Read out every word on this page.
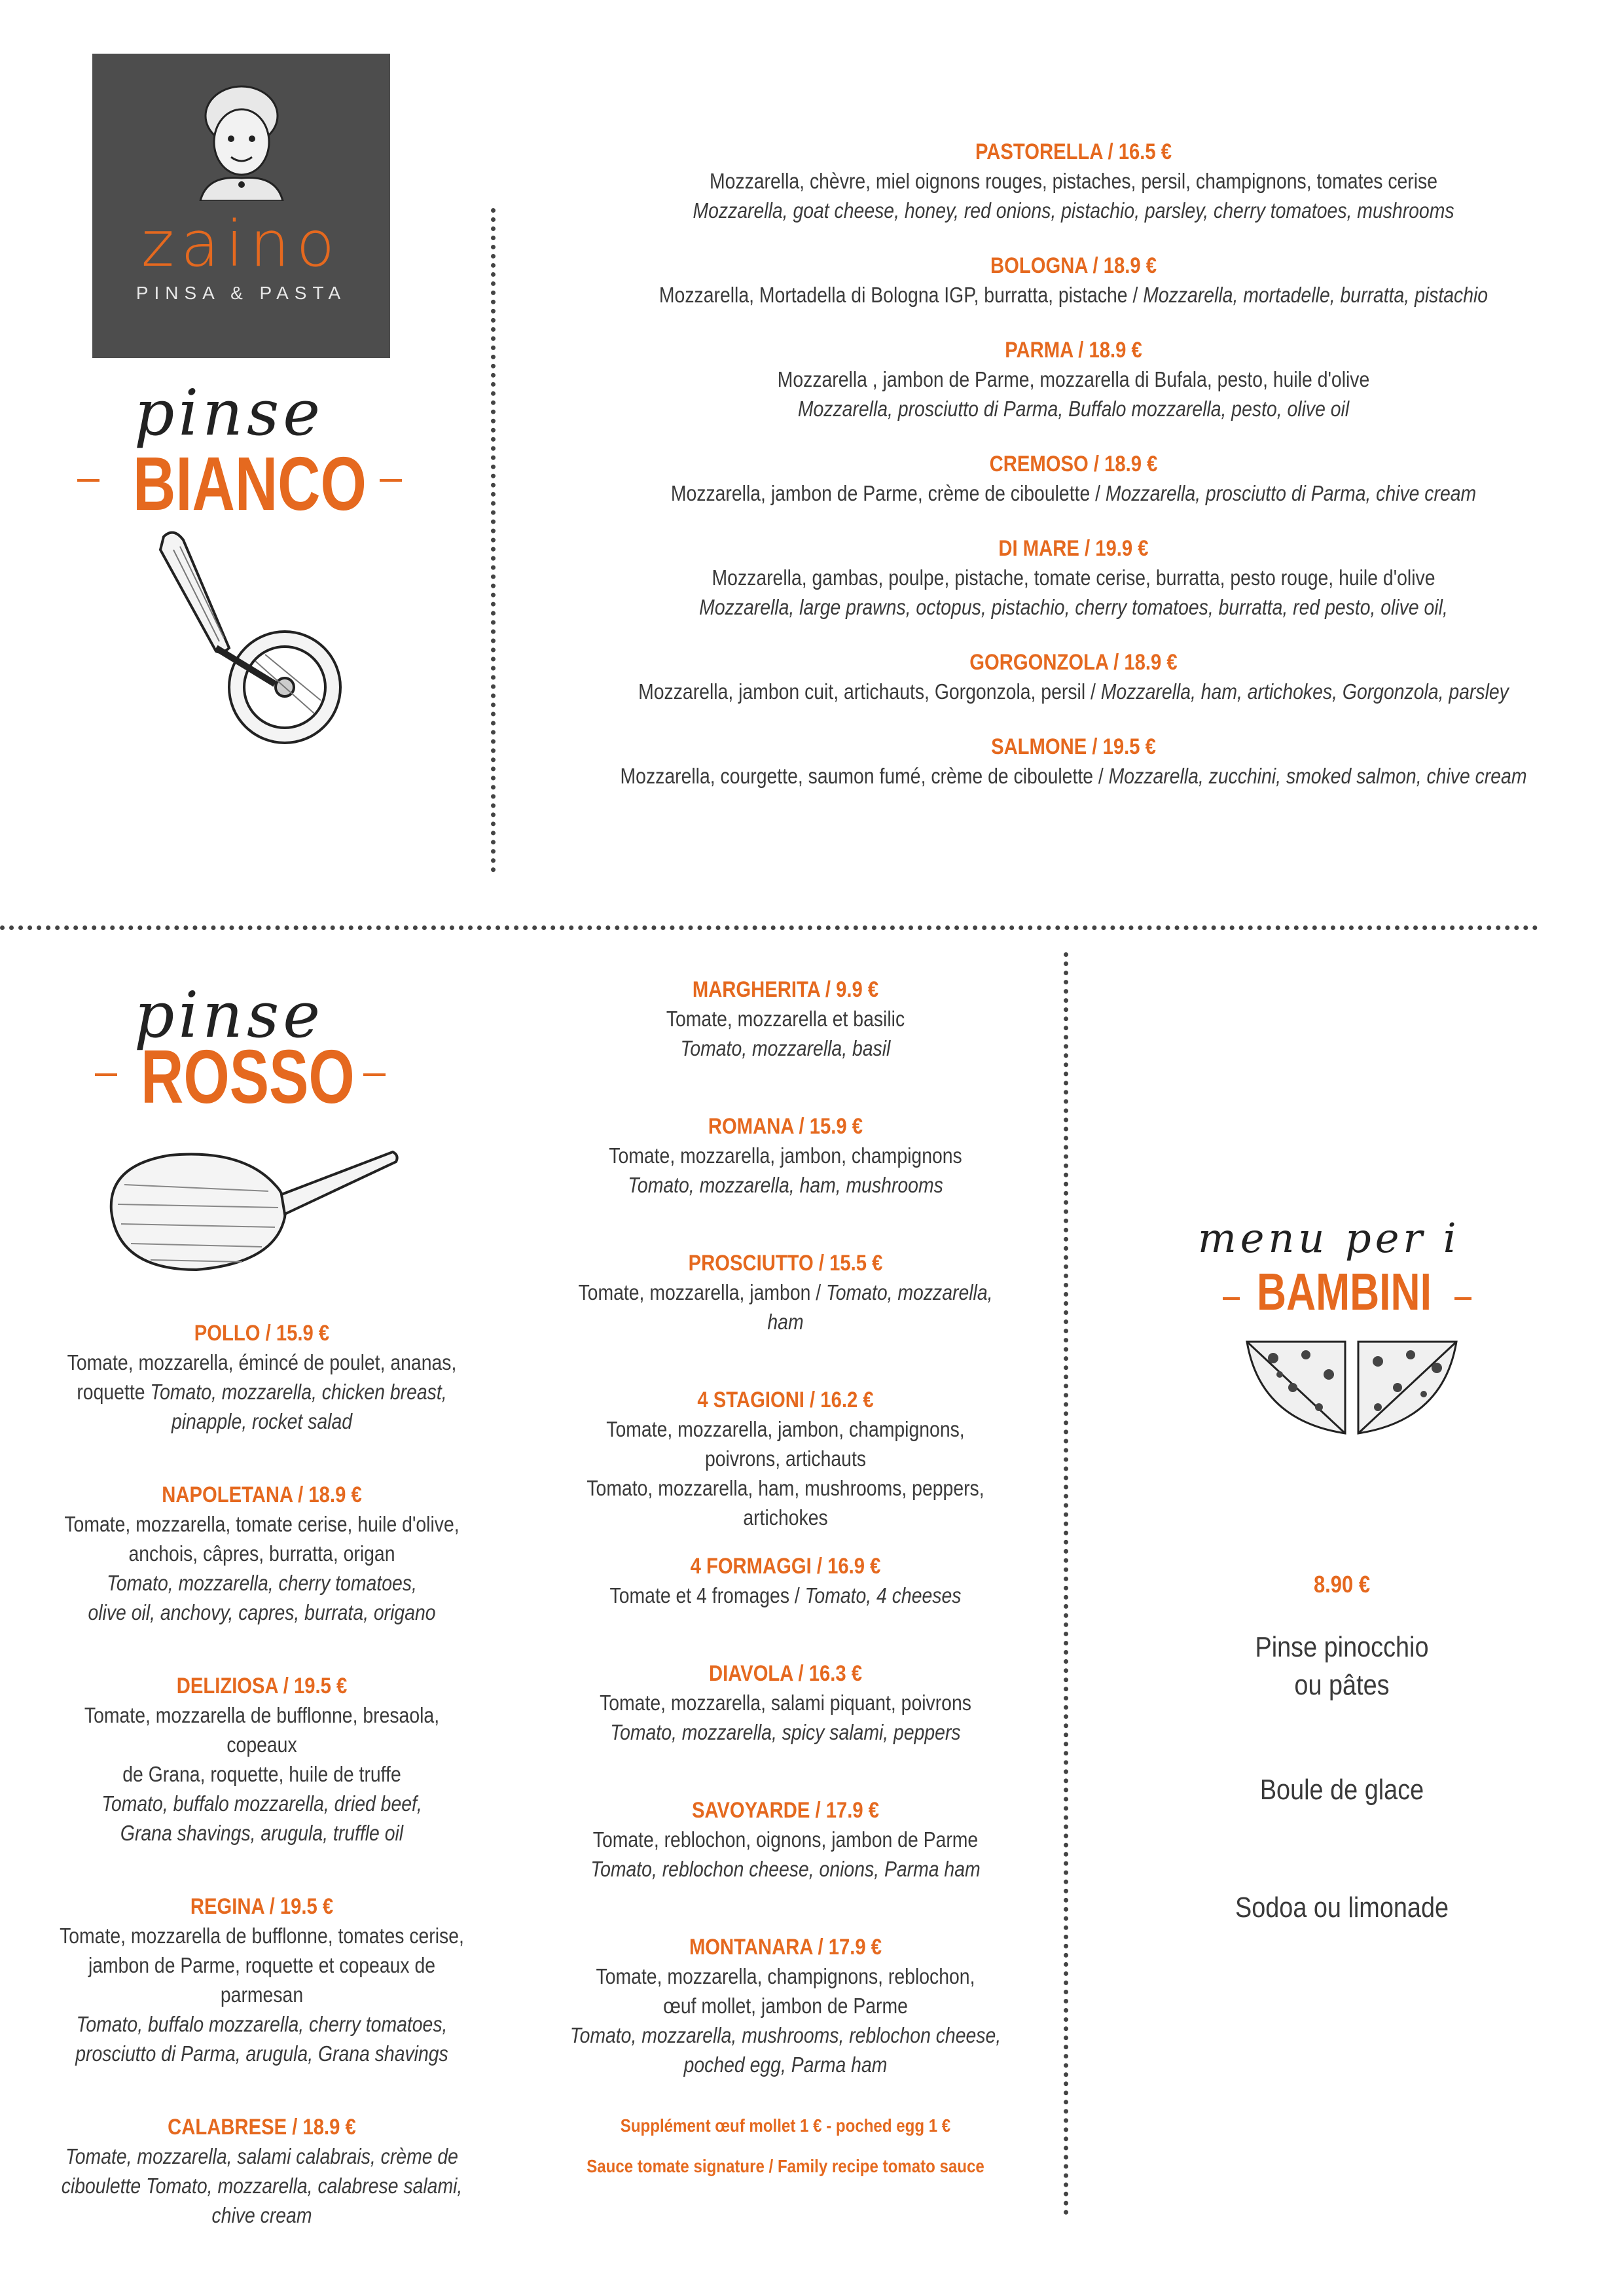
zaino
PINSA & PASTA
pinse
BIANCO
PASTORELLA / 16.5 €
Mozzarella, chèvre, miel oignons rouges, pistaches, persil, champignons, tomates cerise
Mozzarella, goat cheese, honey, red onions, pistachio, parsley, cherry tomatoes, mushrooms
BOLOGNA / 18.9 €
Mozzarella, Mortadella di Bologna IGP, burratta, pistache / Mozzarella, mortadelle, burratta, pistachio
PARMA / 18.9 €
Mozzarella , jambon de Parme, mozzarella di Bufala, pesto, huile d'olive
Mozzarella, prosciutto di Parma, Buffalo mozzarella, pesto, olive oil
CREMOSO / 18.9 €
Mozzarella, jambon de Parme, crème de ciboulette / Mozzarella, prosciutto di Parma, chive cream
DI MARE / 19.9 €
Mozzarella, gambas, poulpe, pistache, tomate cerise, burratta, pesto rouge, huile d'olive
Mozzarella, large prawns, octopus, pistachio, cherry tomatoes, burratta, red pesto, olive oil,
GORGONZOLA / 18.9 €
Mozzarella, jambon cuit, artichauts, Gorgonzola, persil / Mozzarella, ham, artichokes, Gorgonzola, parsley
SALMONE / 19.5 €
Mozzarella, courgette, saumon fumé, crème de ciboulette / Mozzarella, zucchini, smoked salmon, chive cream
pinse
ROSSO
POLLO / 15.9 €
Tomate, mozzarella, émincé de poulet, ananas,
roquette Tomato, mozzarella, chicken breast,
pinapple, rocket salad
NAPOLETANA / 18.9 €
Tomate, mozzarella, tomate cerise, huile d'olive,
anchois, câpres, burratta, origan
Tomato, mozzarella, cherry tomatoes,
olive oil, anchovy, capres, burrata, origano
DELIZIOSA / 19.5 €
Tomate, mozzarella de bufflonne, bresaola, copeaux
de Grana, roquette, huile de truffe
Tomato, buffalo mozzarella, dried beef,
Grana shavings, arugula, truffle oil
REGINA / 19.5 €
Tomate, mozzarella de bufflonne, tomates cerise,
jambon de Parme, roquette et copeaux de parmesan
Tomato, buffalo mozzarella, cherry tomatoes,
prosciutto di Parma, arugula, Grana shavings
CALABRESE / 18.9 €
Tomate, mozzarella, salami calabrais, crème de
ciboulette Tomato, mozzarella, calabrese salami,
chive cream
MARGHERITA / 9.9 €
Tomate, mozzarella et basilic
Tomato, mozzarella, basil
ROMANA / 15.9 €
Tomate, mozzarella, jambon, champignons
Tomato, mozzarella, ham, mushrooms
PROSCIUTTO / 15.5 €
Tomate, mozzarella, jambon / Tomato, mozzarella, ham
4 STAGIONI / 16.2 €
Tomate, mozzarella, jambon, champignons,
poivrons, artichauts
Tomato, mozzarella, ham, mushrooms, peppers,
artichokes
4 FORMAGGI / 16.9 €
Tomate et 4 fromages / Tomato, 4 cheeses
DIAVOLA / 16.3 €
Tomate, mozzarella, salami piquant, poivrons
Tomato, mozzarella, spicy salami, peppers
SAVOYARDE / 17.9 €
Tomate, reblochon, oignons, jambon de Parme
Tomato, reblochon cheese, onions, Parma ham
MONTANARA / 17.9 €
Tomate, mozzarella, champignons, reblochon,
œuf mollet, jambon de Parme
Tomato, mozzarella, mushrooms, reblochon cheese,
poched egg, Parma ham
Supplément œuf mollet 1 € - poched egg 1 €
Sauce tomate signature / Family recipe tomato sauce
menu per i
BAMBINI
8.90 €
Pinse pinocchio
ou pâtes
Boule de glace
Sodoa ou limonade
